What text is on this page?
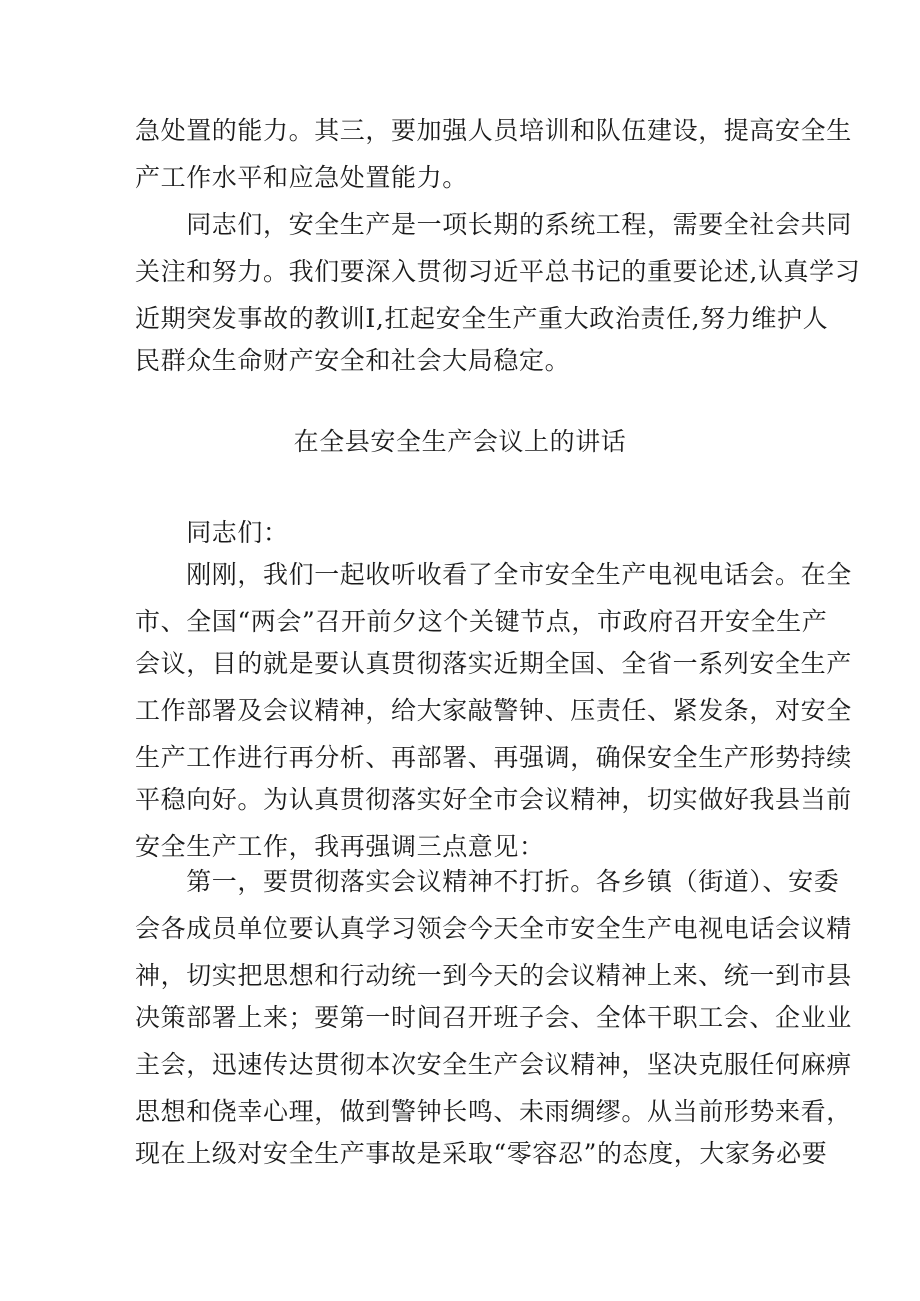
急处置的能力。其三，要加强人员培训和队伍建设，提高安全生
产工作水平和应急处置能力。
　　同志们，安全生产是一项长期的系统工程，需要全社会共同
关注和努力。我们要深入贯彻习近平总书记的重要论述,认真学习
近期突发事故的教训I,扛起安全生产重大政治责任,努力维护人
民群众生命财产安全和社会大局稳定。
在全县安全生产会议上的讲话
　　同志们：
　　刚刚，我们一起收听收看了全市安全生产电视电话会。在全
市、全国“两会”召开前夕这个关键节点，市政府召开安全生产
会议，目的就是要认真贯彻落实近期全国、全省一系列安全生产
工作部署及会议精神，给大家敲警钟、压责任、紧发条，对安全
生产工作进行再分析、再部署、再强调，确保安全生产形势持续
平稳向好。为认真贯彻落实好全市会议精神，切实做好我县当前
安全生产工作，我再强调三点意见：
　　第一，要贯彻落实会议精神不打折。各乡镇（街道）、安委
会各成员单位要认真学习领会今天全市安全生产电视电话会议精
神，切实把思想和行动统一到今天的会议精神上来、统一到市县
决策部署上来；要第一时间召开班子会、全体干职工会、企业业
主会，迅速传达贯彻本次安全生产会议精神，坚决克服任何麻痹
思想和侥幸心理，做到警钟长鸣、未雨绸缪。从当前形势来看，
现在上级对安全生产事故是采取“零容忍”的态度，大家务必要
